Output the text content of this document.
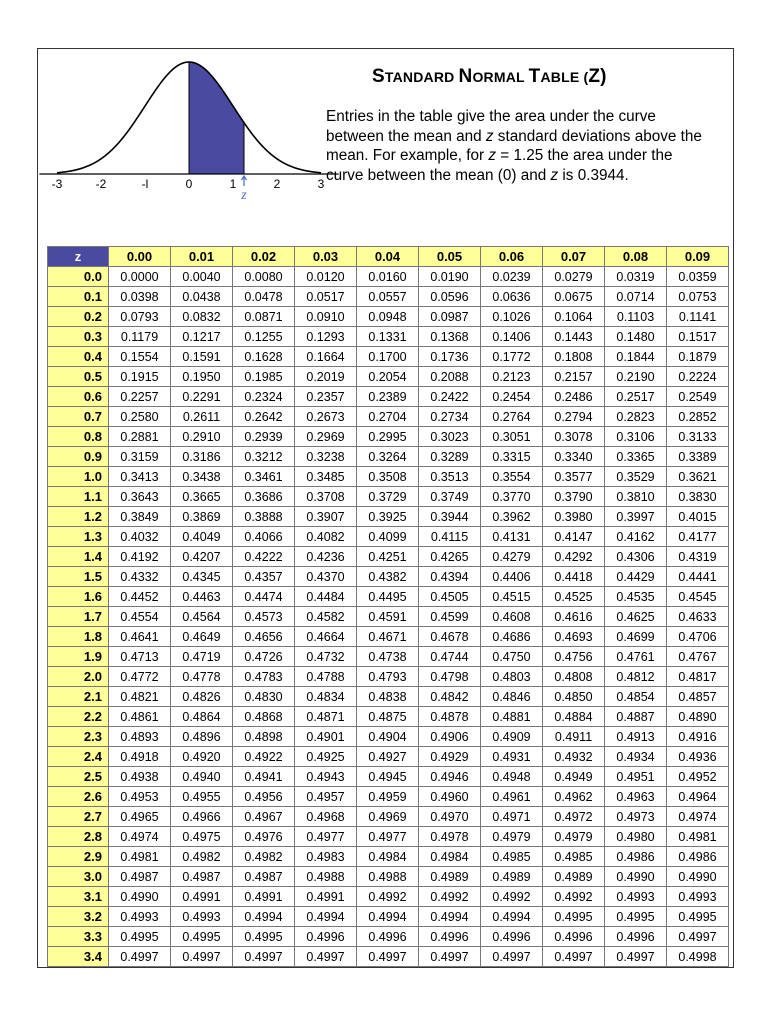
-3	-2	-l	0	1	2	3
z
STANDARD NORMAL TABLE (Z)
Entries in the table give the area under the curve between the mean and z standard deviations above the mean. For example, for z = 1.25 the area under the curve between the mean (0) and z is 0.3944.
z	0.00	0.01	0.02	0.03	0.04	0.05	0.06	0.07	0.08	0.09
0.0	0.0000	0.0040	0.0080	0.0120	0.0160	0.0190	0.0239	0.0279	0.0319	0.0359
0.1	0.0398	0.0438	0.0478	0.0517	0.0557	0.0596	0.0636	0.0675	0.0714	0.0753
0.2	0.0793	0.0832	0.0871	0.0910	0.0948	0.0987	0.1026	0.1064	0.1103	0.1141
0.3	0.1179	0.1217	0.1255	0.1293	0.1331	0.1368	0.1406	0.1443	0.1480	0.1517
0.4	0.1554	0.1591	0.1628	0.1664	0.1700	0.1736	0.1772	0.1808	0.1844	0.1879
0.5	0.1915	0.1950	0.1985	0.2019	0.2054	0.2088	0.2123	0.2157	0.2190	0.2224
0.6	0.2257	0.2291	0.2324	0.2357	0.2389	0.2422	0.2454	0.2486	0.2517	0.2549
0.7	0.2580	0.2611	0.2642	0.2673	0.2704	0.2734	0.2764	0.2794	0.2823	0.2852
0.8	0.2881	0.2910	0.2939	0.2969	0.2995	0.3023	0.3051	0.3078	0.3106	0.3133
0.9	0.3159	0.3186	0.3212	0.3238	0.3264	0.3289	0.3315	0.3340	0.3365	0.3389
1.0	0.3413	0.3438	0.3461	0.3485	0.3508	0.3513	0.3554	0.3577	0.3529	0.3621
1.1	0.3643	0.3665	0.3686	0.3708	0.3729	0.3749	0.3770	0.3790	0.3810	0.3830
1.2	0.3849	0.3869	0.3888	0.3907	0.3925	0.3944	0.3962	0.3980	0.3997	0.4015
1.3	0.4032	0.4049	0.4066	0.4082	0.4099	0.4115	0.4131	0.4147	0.4162	0.4177
1.4	0.4192	0.4207	0.4222	0.4236	0.4251	0.4265	0.4279	0.4292	0.4306	0.4319
1.5	0.4332	0.4345	0.4357	0.4370	0.4382	0.4394	0.4406	0.4418	0.4429	0.4441
1.6	0.4452	0.4463	0.4474	0.4484	0.4495	0.4505	0.4515	0.4525	0.4535	0.4545
1.7	0.4554	0.4564	0.4573	0.4582	0.4591	0.4599	0.4608	0.4616	0.4625	0.4633
1.8	0.4641	0.4649	0.4656	0.4664	0.4671	0.4678	0.4686	0.4693	0.4699	0.4706
1.9	0.4713	0.4719	0.4726	0.4732	0.4738	0.4744	0.4750	0.4756	0.4761	0.4767
2.0	0.4772	0.4778	0.4783	0.4788	0.4793	0.4798	0.4803	0.4808	0.4812	0.4817
2.1	0.4821	0.4826	0.4830	0.4834	0.4838	0.4842	0.4846	0.4850	0.4854	0.4857
2.2	0.4861	0.4864	0.4868	0.4871	0.4875	0.4878	0.4881	0.4884	0.4887	0.4890
2.3	0.4893	0.4896	0.4898	0.4901	0.4904	0.4906	0.4909	0.4911	0.4913	0.4916
2.4	0.4918	0.4920	0.4922	0.4925	0.4927	0.4929	0.4931	0.4932	0.4934	0.4936
2.5	0.4938	0.4940	0.4941	0.4943	0.4945	0.4946	0.4948	0.4949	0.4951	0.4952
2.6	0.4953	0.4955	0.4956	0.4957	0.4959	0.4960	0.4961	0.4962	0.4963	0.4964
2.7	0.4965	0.4966	0.4967	0.4968	0.4969	0.4970	0.4971	0.4972	0.4973	0.4974
2.8	0.4974	0.4975	0.4976	0.4977	0.4977	0.4978	0.4979	0.4979	0.4980	0.4981
2.9	0.4981	0.4982	0.4982	0.4983	0.4984	0.4984	0.4985	0.4985	0.4986	0.4986
3.0	0.4987	0.4987	0.4987	0.4988	0.4988	0.4989	0.4989	0.4989	0.4990	0.4990
3.1	0.4990	0.4991	0.4991	0.4991	0.4992	0.4992	0.4992	0.4992	0.4993	0.4993
3.2	0.4993	0.4993	0.4994	0.4994	0.4994	0.4994	0.4994	0.4995	0.4995	0.4995
3.3	0.4995	0.4995	0.4995	0.4996	0.4996	0.4996	0.4996	0.4996	0.4996	0.4997
3.4	0.4997	0.4997	0.4997	0.4997	0.4997	0.4997	0.4997	0.4997	0.4997	0.4998
